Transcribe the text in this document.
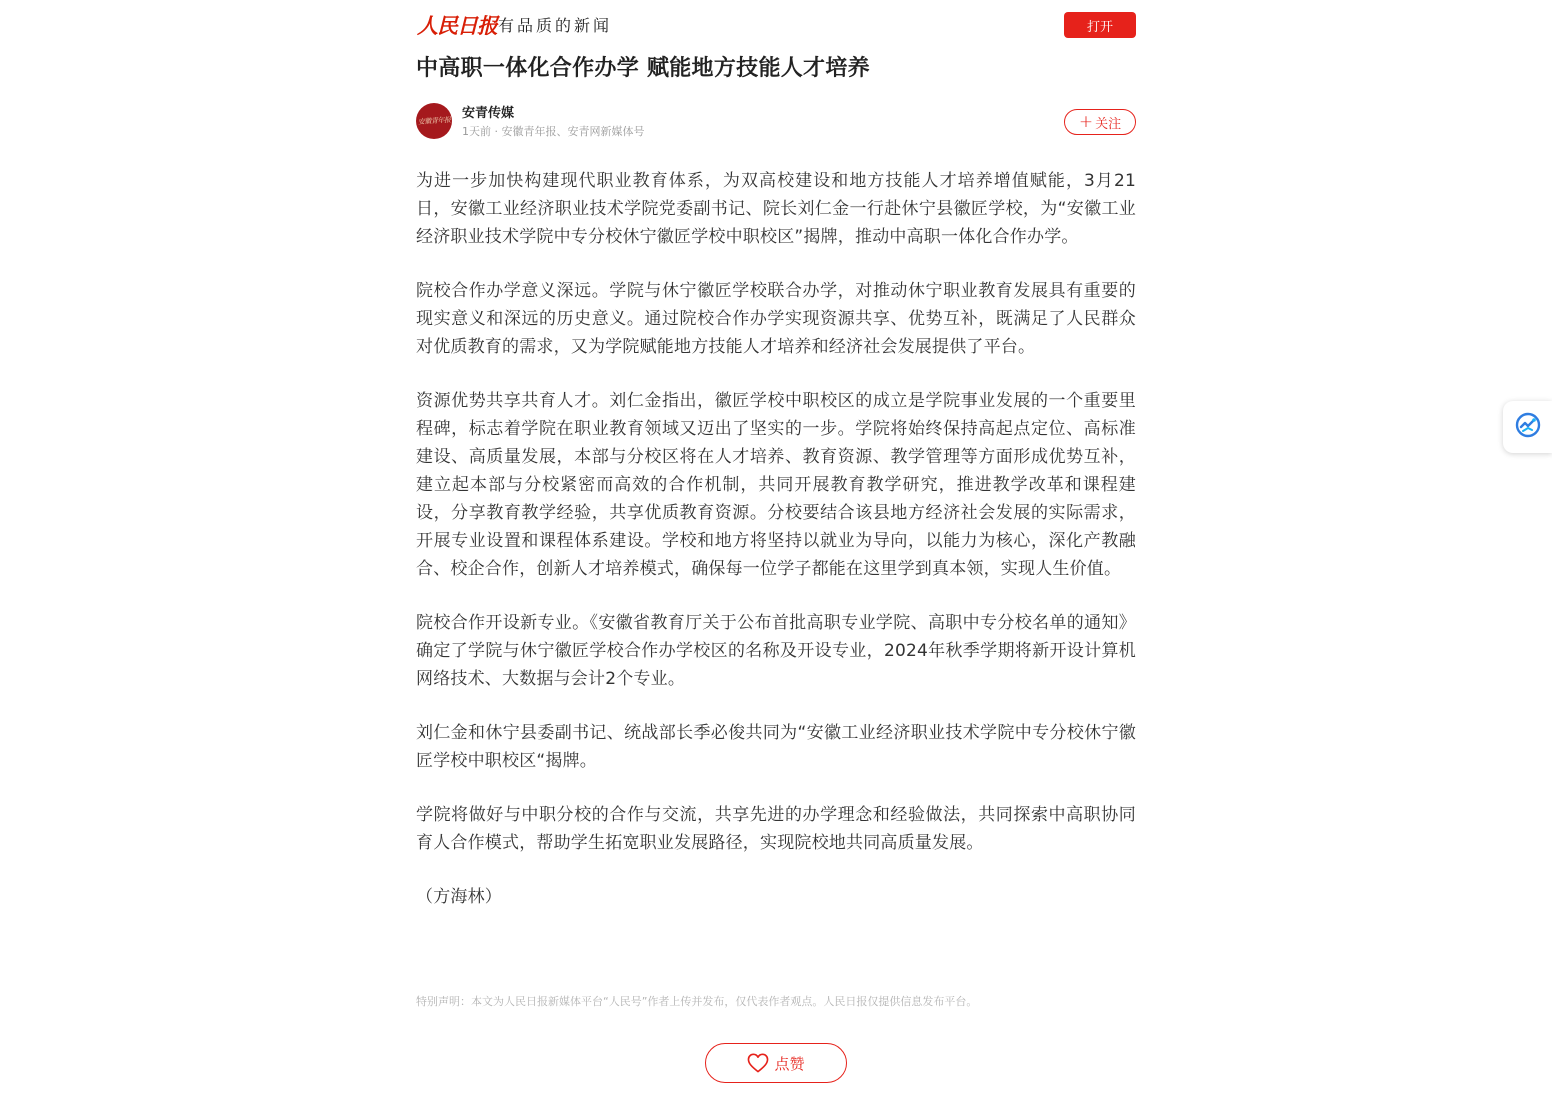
人民日报 有品质的新闻	打开
中高职一体化合作办学 赋能地方技能人才培养
安徽青年报 安青传媒
1天前 · 安徽青年报、安青网新媒体号	+ 关注

为进一步加快构建现代职业教育体系，为双高校建设和地方技能人才培养增值赋能，3月21日，安徽工业经济职业技术学院党委副书记、院长刘仁金一行赴休宁县徽匠学校，为“安徽工业经济职业技术学院中专分校休宁徽匠学校中职校区”揭牌，推动中高职一体化合作办学。

院校合作办学意义深远。学院与休宁徽匠学校联合办学，对推动休宁职业教育发展具有重要的现实意义和深远的历史意义。通过院校合作办学实现资源共享、优势互补，既满足了人民群众对优质教育的需求，又为学院赋能地方技能人才培养和经济社会发展提供了平台。

资源优势共享共育人才。刘仁金指出，徽匠学校中职校区的成立是学院事业发展的一个重要里程碑，标志着学院在职业教育领域又迈出了坚实的一步。学院将始终保持高起点定位、高标准建设、高质量发展，本部与分校区将在人才培养、教育资源、教学管理等方面形成优势互补，建立起本部与分校紧密而高效的合作机制，共同开展教育教学研究，推进教学改革和课程建设，分享教育教学经验，共享优质教育资源。分校要结合该县地方经济社会发展的实际需求，开展专业设置和课程体系建设。学校和地方将坚持以就业为导向，以能力为核心，深化产教融合、校企合作，创新人才培养模式，确保每一位学子都能在这里学到真本领，实现人生价值。

院校合作开设新专业。《安徽省教育厅关于公布首批高职专业学院、高职中专分校名单的通知》确定了学院与休宁徽匠学校合作办学校区的名称及开设专业，2024年秋季学期将新开设计算机网络技术、大数据与会计2个专业。

刘仁金和休宁县委副书记、统战部长季必俊共同为“安徽工业经济职业技术学院中专分校休宁徽匠学校中职校区“揭牌。

学院将做好与中职分校的合作与交流，共享先进的办学理念和经验做法，共同探索中高职协同育人合作模式，帮助学生拓宽职业发展路径，实现院校地共同高质量发展。

（方海林）

特别声明：本文为人民日报新媒体平台“人民号”作者上传并发布，仅代表作者观点。人民日报仅提供信息发布平台。
点赞
